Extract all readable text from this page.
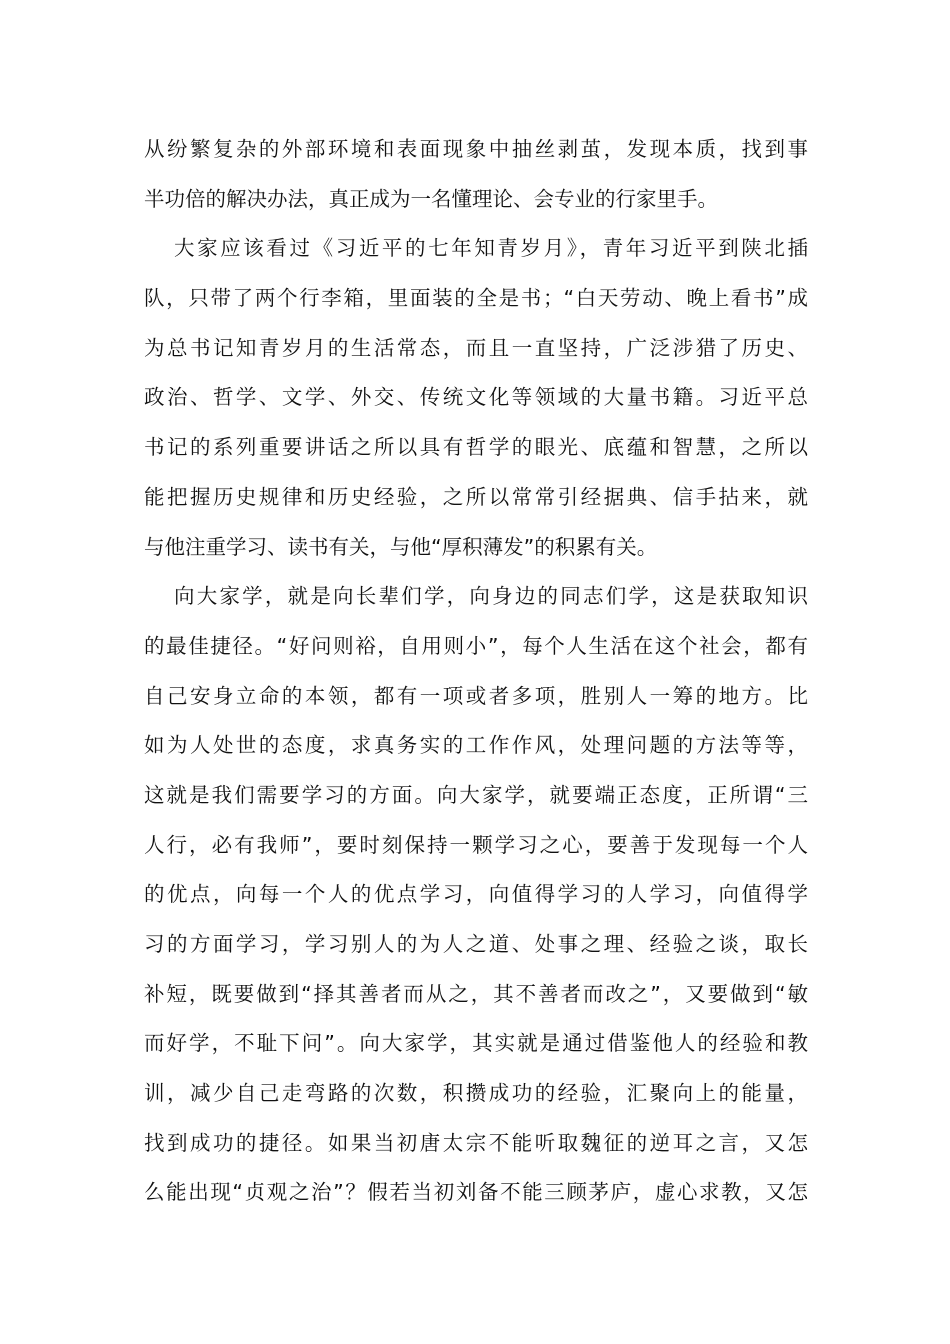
从纷繁复杂的外部环境和表面现象中抽丝剥茧，发现本质，找到事
半功倍的解决办法，真正成为一名懂理论、会专业的行家里手。
大家应该看过《习近平的七年知青岁月》，青年习近平到陕北插
队，只带了两个行李箱，里面装的全是书；“白天劳动、晚上看书”成
为总书记知青岁月的生活常态，而且一直坚持，广泛涉猎了历史、
政治、哲学、文学、外交、传统文化等领域的大量书籍。习近平总
书记的系列重要讲话之所以具有哲学的眼光、底蕴和智慧，之所以
能把握历史规律和历史经验，之所以常常引经据典、信手拈来，就
与他注重学习、读书有关，与他“厚积薄发”的积累有关。
向大家学，就是向长辈们学，向身边的同志们学，这是获取知识
的最佳捷径。“好问则裕，自用则小”，每个人生活在这个社会，都有
自己安身立命的本领，都有一项或者多项，胜别人一筹的地方。比
如为人处世的态度，求真务实的工作作风，处理问题的方法等等，
这就是我们需要学习的方面。向大家学，就要端正态度，正所谓“三
人行，必有我师”，要时刻保持一颗学习之心，要善于发现每一个人
的优点，向每一个人的优点学习，向值得学习的人学习，向值得学
习的方面学习，学习别人的为人之道、处事之理、经验之谈，取长
补短，既要做到“择其善者而从之，其不善者而改之”，又要做到“敏
而好学，不耻下问”。向大家学，其实就是通过借鉴他人的经验和教
训，减少自己走弯路的次数，积攒成功的经验，汇聚向上的能量，
找到成功的捷径。如果当初唐太宗不能听取魏征的逆耳之言，又怎
么能出现“贞观之治”？假若当初刘备不能三顾茅庐，虚心求教，又怎
